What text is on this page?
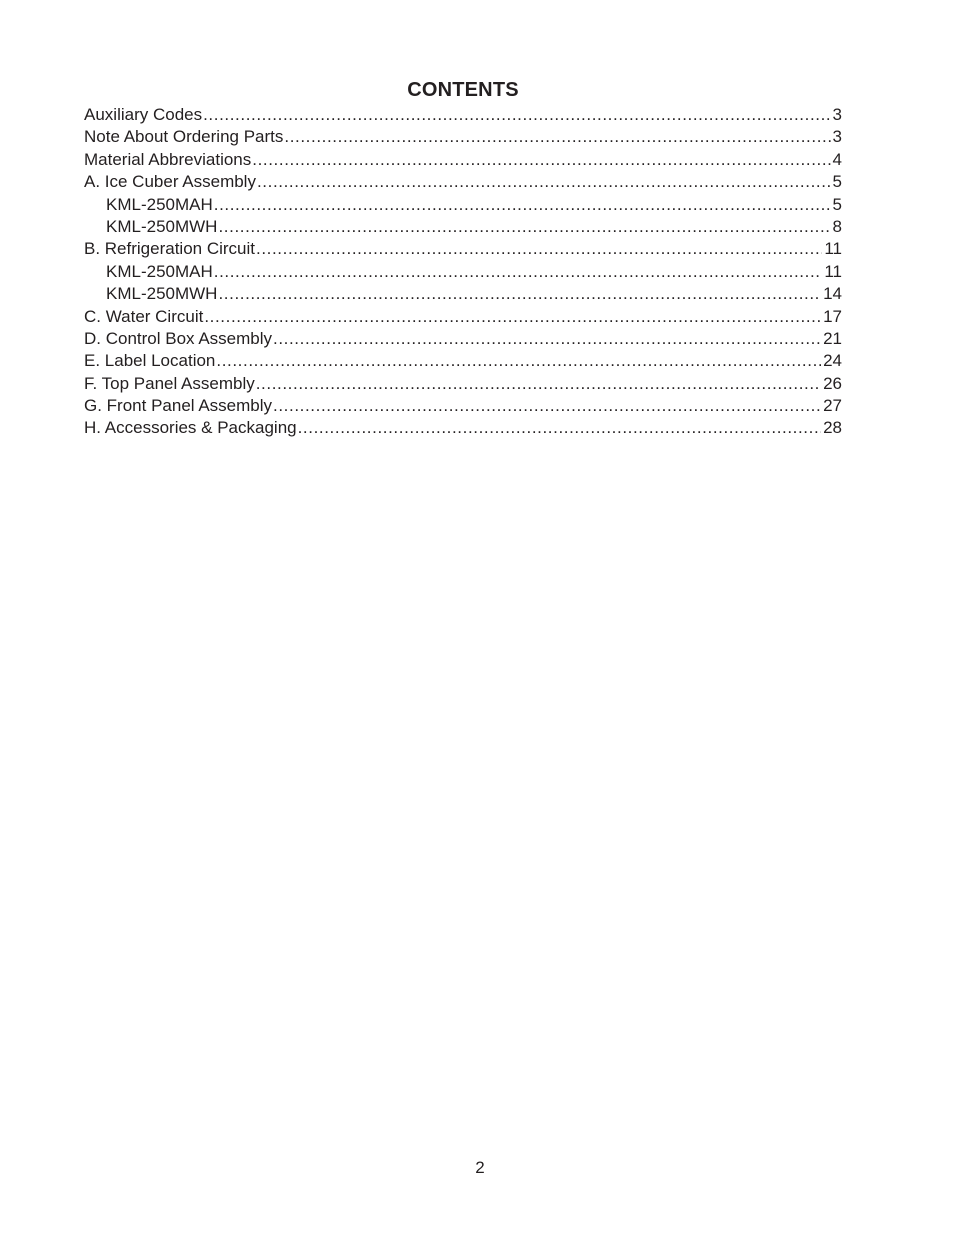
CONTENTS
Auxiliary Codes .....	3
Note About Ordering Parts .....	3
Material Abbreviations .....	4
A. Ice Cuber Assembly .....	5
KML-250MAH .....	5
KML-250MWH .....	8
B. Refrigeration Circuit .....	11
KML-250MAH .....	11
KML-250MWH .....	14
C. Water Circuit .....	17
D. Control Box Assembly .....	21
E. Label Location .....	24
F. Top Panel Assembly .....	26
G. Front Panel Assembly .....	27
H. Accessories & Packaging .....	28
2
